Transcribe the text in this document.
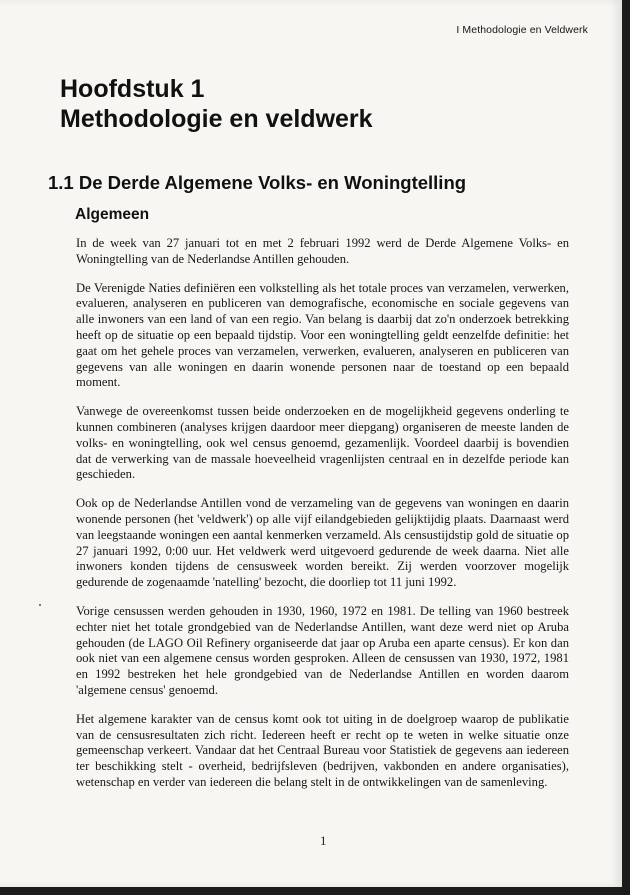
I Methodologie en Veldwerk
Hoofdstuk 1
Methodologie en veldwerk
1.1 De Derde Algemene Volks- en Woningtelling
Algemeen

In de week van 27 januari tot en met 2 februari 1992 werd de Derde Algemene Volks- en Woningtelling van de Nederlandse Antillen gehouden.

De Verenigde Naties definiëren een volkstelling als het totale proces van verzamelen, verwerken, evalueren, analyseren en publiceren van demografische, economische en sociale gegevens van alle inwoners van een land of van een regio. Van belang is daarbij dat zo'n onderzoek betrekking heeft op de situatie op een bepaald tijdstip. Voor een woningtelling geldt eenzelfde definitie: het gaat om het gehele proces van verzamelen, verwerken, evalueren, analyseren en publiceren van gegevens van alle woningen en daarin wonende personen naar de toestand op een bepaald moment.

Vanwege de overeenkomst tussen beide onderzoeken en de mogelijkheid gegevens onderling te kunnen combineren (analyses krijgen daardoor meer diepgang) organiseren de meeste landen de volks- en woningtelling, ook wel census genoemd, gezamenlijk. Voordeel daarbij is bovendien dat de verwerking van de massale hoeveelheid vragenlijsten centraal en in dezelfde periode kan geschieden.

Ook op de Nederlandse Antillen vond de verzameling van de gegevens van woningen en daarin wonende personen (het 'veldwerk') op alle vijf eilandgebieden gelijktijdig plaats. Daarnaast werd van leegstaande woningen een aantal kenmerken verzameld. Als censustijdstip gold de situatie op 27 januari 1992, 0:00 uur. Het veldwerk werd uitgevoerd gedurende de week daarna. Niet alle inwoners konden tijdens de censusweek worden bereikt. Zij werden voorzover mogelijk gedurende de zogenaamde 'natelling' bezocht, die doorliep tot 11 juni 1992.

Vorige censussen werden gehouden in 1930, 1960, 1972 en 1981. De telling van 1960 bestreek echter niet het totale grondgebied van de Nederlandse Antillen, want deze werd niet op Aruba gehouden (de LAGO Oil Refinery organiseerde dat jaar op Aruba een aparte census). Er kon dan ook niet van een algemene census worden gesproken. Alleen de censussen van 1930, 1972, 1981 en 1992 bestreken het hele grondgebied van de Nederlandse Antillen en worden daarom 'algemene census' genoemd.

Het algemene karakter van de census komt ook tot uiting in de doelgroep waarop de publikatie van de censusresultaten zich richt. Iedereen heeft er recht op te weten in welke situatie onze gemeenschap verkeert. Vandaar dat het Centraal Bureau voor Statistiek de gegevens aan iedereen ter beschikking stelt - overheid, bedrijfsleven (bedrijven, vakbonden en andere organisaties), wetenschap en verder van iedereen die belang stelt in de ontwikkelingen van de samenleving.

1
